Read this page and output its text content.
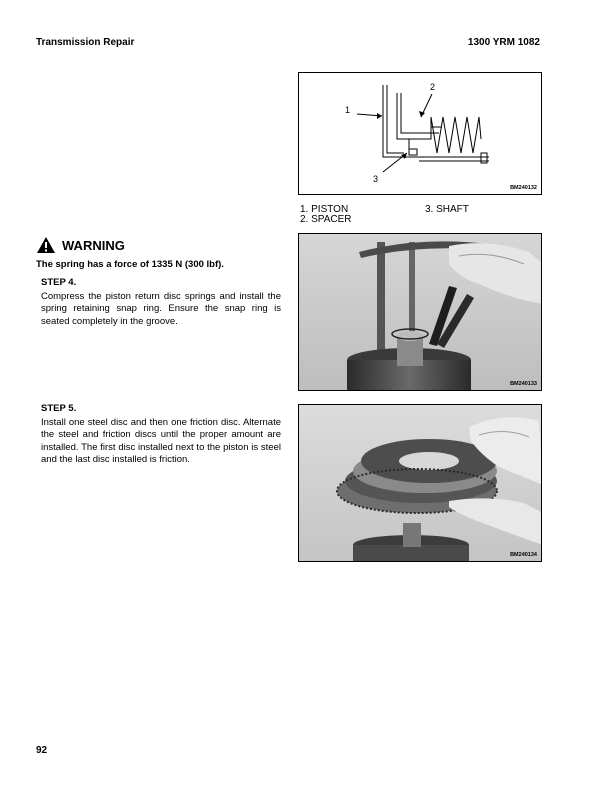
Transmission Repair	1300 YRM 1082
1
2
3
BM240132
1. PISTON
2. SPACER
3. SHAFT
WARNING
The spring has a force of 1335 N (300 lbf).
STEP 4.
Compress the piston return disc springs and install the spring retaining snap ring. Ensure the snap ring is seated completely in the groove.
STEP 5.
Install one steel disc and then one friction disc. Alternate the steel and friction discs until the proper amount are installed. The first disc installed next to the piston is steel and the last disc installed is friction.
BM240133
BM240134
92
